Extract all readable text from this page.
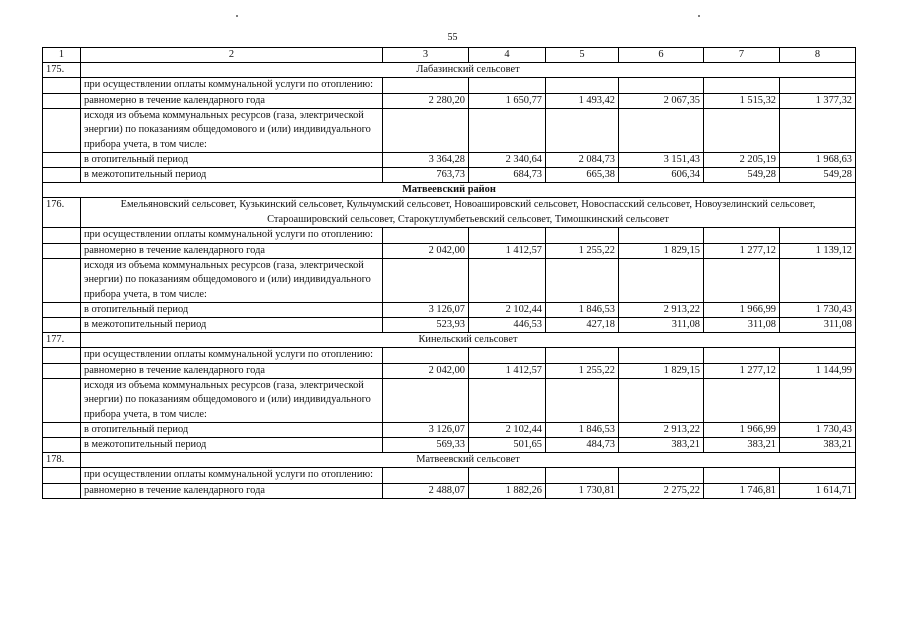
55
1	2	3	4	5	6	7	8
175.	Лабазинский сельсовет						
	при осуществлении оплаты коммунальной услуги по отоплению:						
	равномерно в течение календарного года	2 280,20	1 650,77	1 493,42	2 067,35	1 515,32	1 377,32
	исходя из объема коммунальных ресурсов (газа, электрической энергии) по показаниям общедомового и (или) индивидуального прибора учета, в том числе:						
	в отопительный период	3 364,28	2 340,64	2 084,73	3 151,43	2 205,19	1 968,63
	в межотопительный период	763,73	684,73	665,38	606,34	549,28	549,28
Матвеевский район							
176.	Емельяновский сельсовет, Кузькинский сельсовет, Кульчумский сельсовет, Новоашировский сельсовет, Новоспасский сельсовет, Новоузелинский сельсовет, Староашировский сельсовет, Старокутлумбетьевский сельсовет, Тимошкинский сельсовет						
	при осуществлении оплаты коммунальной услуги по отоплению:						
	равномерно в течение календарного года	2 042,00	1 412,57	1 255,22	1 829,15	1 277,12	1 139,12
	исходя из объема коммунальных ресурсов (газа, электрической энергии) по показаниям общедомового и (или) индивидуального прибора учета, в том числе:						
	в отопительный период	3 126,07	2 102,44	1 846,53	2 913,22	1 966,99	1 730,43
	в межотопительный период	523,93	446,53	427,18	311,08	311,08	311,08
177.	Кинельский сельсовет						
	при осуществлении оплаты коммунальной услуги по отоплению:						
	равномерно в течение календарного года	2 042,00	1 412,57	1 255,22	1 829,15	1 277,12	1 144,99
	исходя из объема коммунальных ресурсов (газа, электрической энергии) по показаниям общедомового и (или) индивидуального прибора учета, в том числе:						
	в отопительный период	3 126,07	2 102,44	1 846,53	2 913,22	1 966,99	1 730,43
	в межотопительный период	569,33	501,65	484,73	383,21	383,21	383,21
178.	Матвеевский сельсовет						
	при осуществлении оплаты коммунальной услуги по отоплению:						
	равномерно в течение календарного года	2 488,07	1 882,26	1 730,81	2 275,22	1 746,81	1 614,71
